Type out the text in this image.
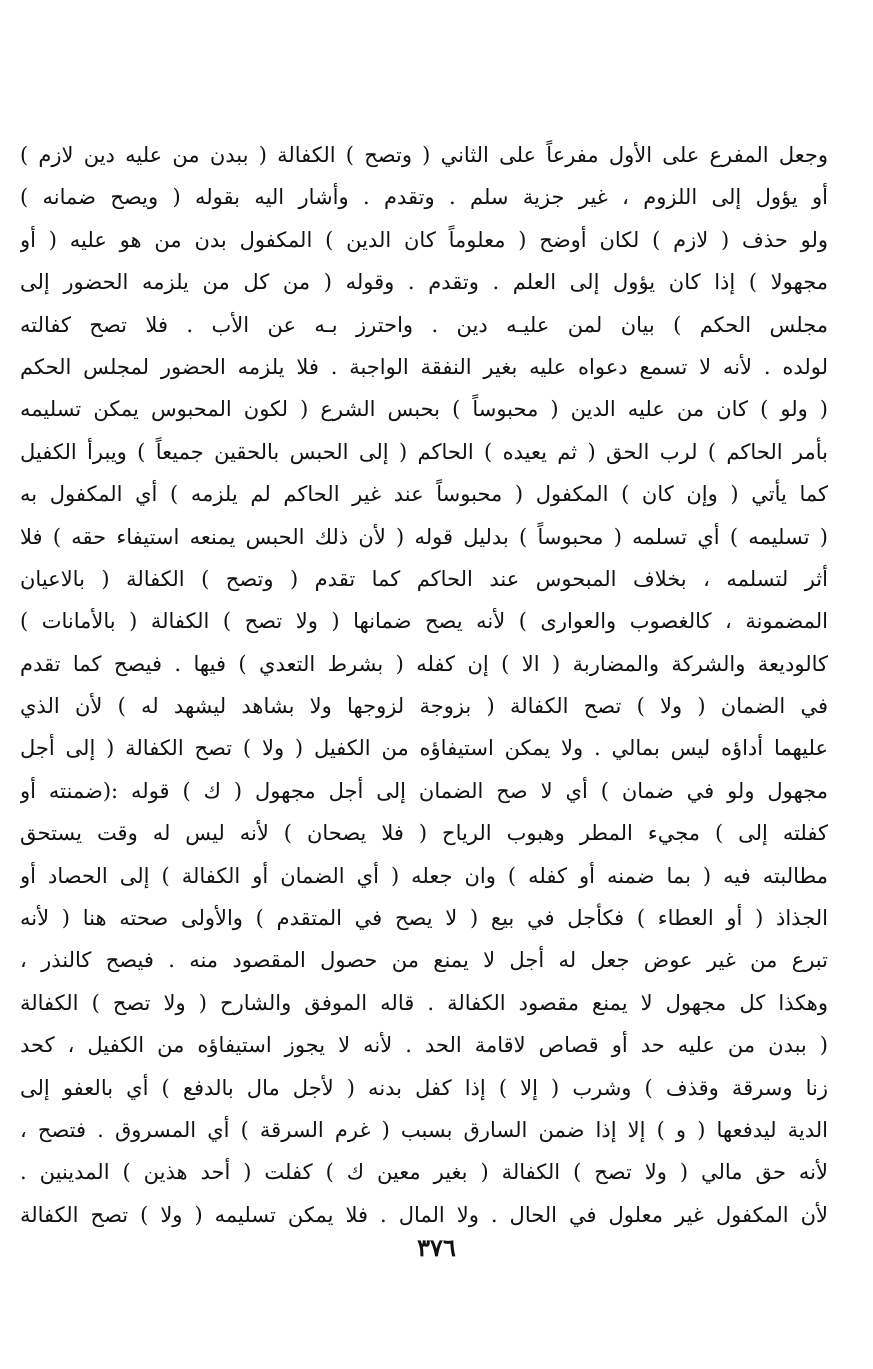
وجعل المفرع على الأول مفرعاً على الثاني ( وتصح ) الكفالة ( ببدن من عليه دين لازم )
أو يؤول إلى اللزوم ، غير جزية سلم . وتقدم . وأشار اليه بقوله ( ويصح ضمانه )
ولو حذف ( لازم ) لكان أوضح ( معلوماً كان الدين ) المكفول بدن من هو عليه ( أو
مجهولا ) إذا كان يؤول إلى العلم . وتقدم . وقوله ( من كل من يلزمه الحضور إلى
مجلس الحكم ) بيان لمن عليـه دين . واحترز بـه عن الأب . فلا تصح كفالته
لولده . لأنه لا تسمع دعواه عليه بغير النفقة الواجبة . فلا يلزمه الحضور لمجلس الحكم
( ولو ) كان من عليه الدين ( محبوساً ) بحبس الشرع ( لكون المحبوس يمكن تسليمه
بأمر الحاكم ) لرب الحق ( ثم يعيده ) الحاكم ( إلى الحبس بالحقين جميعاً ) ويبرأ الكفيل
كما يأتي ( وإن كان ) المكفول ( محبوساً عند غير الحاكم لم يلزمه ) أي المكفول به
( تسليمه ) أي تسلمه ( محبوساً ) بدليل قوله ( لأن ذلك الحبس يمنعه استيفاء حقه ) فلا
أثر لتسلمه ، بخلاف المبحوس عند الحاكم كما تقدم ( وتصح ) الكفالة ( بالاعيان
المضمونة ، كالغصوب والعوارى ) لأنه يصح ضمانها ( ولا تصح ) الكفالة ( بالأمانات )
كالوديعة والشركة والمضاربة ( الا ) إن كفله ( بشرط التعدي ) فيها . فيصح كما تقدم
في الضمان ( ولا ) تصح الكفالة ( بزوجة لزوجها ولا بشاهد ليشهد له ) لأن الذي
عليهما أداؤه ليس بمالي . ولا يمكن استيفاؤه من الكفيل ( ولا ) تصح الكفالة ( إلى أجل
مجهول ولو في ضمان ) أي لا صح الضمان إلى أجل مجهول ( ك ) قوله :(ضمنته أو
كفلته إلى ) مجيء المطر وهبوب الرياح ( فلا يصحان ) لأنه ليس له وقت يستحق
مطالبته فيه ( بما ضمنه أو كفله ) وان جعله ( أي الضمان أو الكفالة ) إلى الحصاد أو
الجذاذ ( أو العطاء ) فكأجل في بيع ( لا يصح في المتقدم ) والأولى صحته هنا ( لأنه
تبرع من غير عوض جعل له أجل لا يمنع من حصول المقصود منه . فيصح كالنذر ،
وهكذا كل مجهول لا يمنع مقصود الكفالة . قاله الموفق والشارح ( ولا تصح ) الكفالة
( ببدن من عليه حد أو قصاص لاقامة الحد . لأنه لا يجوز استيفاؤه من الكفيل ، كحد
زنا وسرقة وقذف ) وشرب ( إلا ) إذا كفل بدنه ( لأجل مال بالدفع ) أي بالعفو إلى
الدية ليدفعها ( و ) إلا إذا ضمن السارق بسبب ( غرم السرقة ) أي المسروق . فتصح ،
لأنه حق مالي ( ولا تصح ) الكفالة ( بغير معين ك ) كفلت ( أحد هذين ) المدينين .
لأن المكفول غير معلول في الحال . ولا المال . فلا يمكن تسليمه ( ولا ) تصح الكفالة
٣٧٦
